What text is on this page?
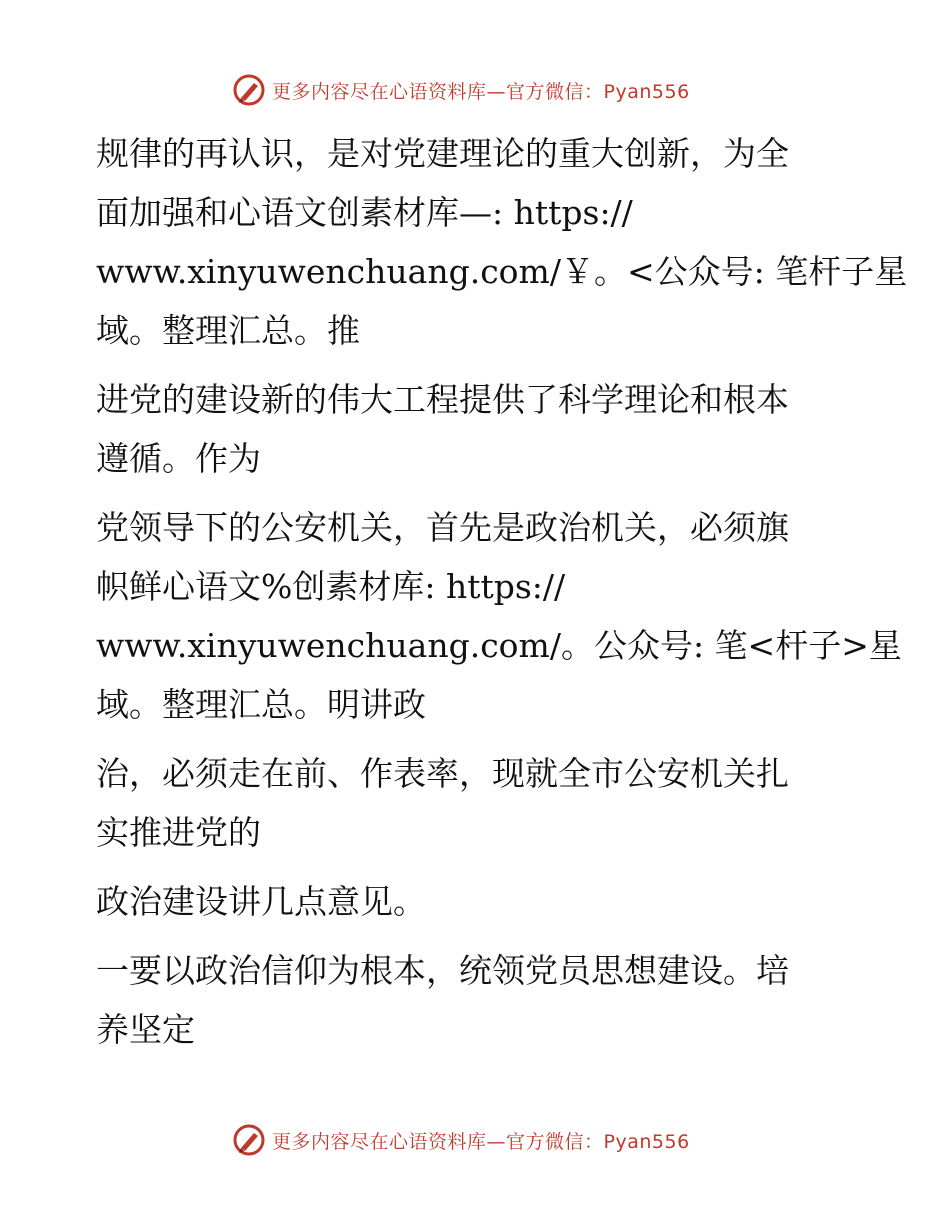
更多内容尽在心语资料库—官方微信：Pyan556

规律的再认识，是对党建理论的重大创新，为全
面加强和心语文创素材库—: https://
www.xinyuwenchuang.com/￥。<公众号: 笔杆子星
域。整理汇总。推

进党的建设新的伟大工程提供了科学理论和根本
遵循。作为

党领导下的公安机关，首先是政治机关，必须旗
帜鲜心语文%创素材库: https://
www.xinyuwenchuang.com/。公众号: 笔<杆子>星
域。整理汇总。明讲政

治，必须走在前、作表率，现就全市公安机关扎
实推进党的

政治建设讲几点意见。

一要以政治信仰为根本，统领党员思想建设。培
养坚定

更多内容尽在心语资料库—官方微信：Pyan556
